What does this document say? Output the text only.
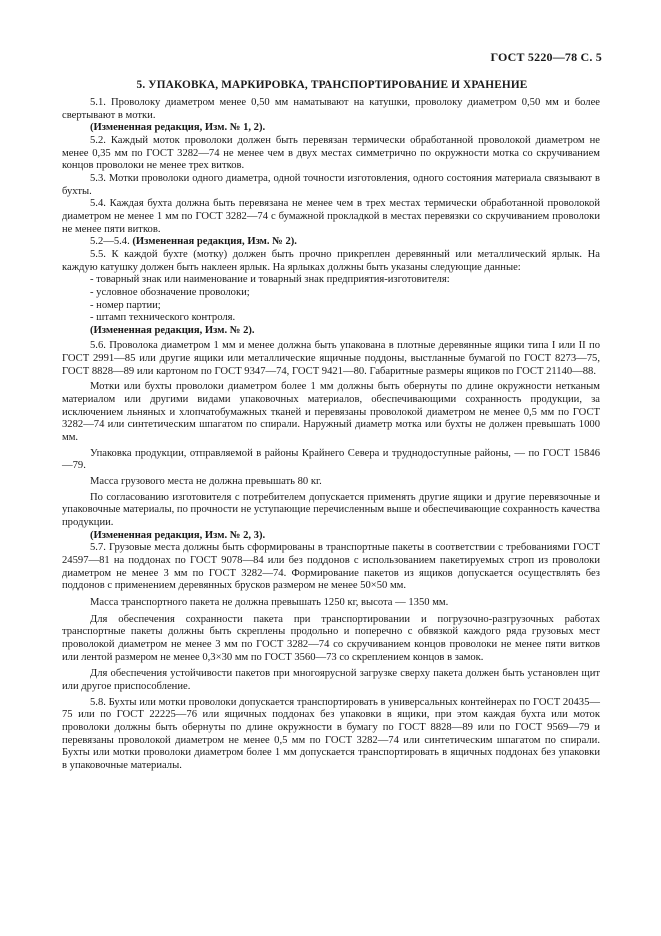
ГОСТ 5220—78 С. 5
5. УПАКОВКА, МАРКИРОВКА, ТРАНСПОРТИРОВАНИЕ И ХРАНЕНИЕ

5.1. Проволоку диаметром менее 0,50 мм наматывают на катушки, проволоку диаметром 0,50 мм и более свертывают в мотки.

(Измененная редакция, Изм. № 1, 2).

5.2. Каждый моток проволоки должен быть перевязан термически обработанной проволокой диаметром не менее 0,35 мм по ГОСТ 3282—74 не менее чем в двух местах симметрично по окружности мотка со скручиванием концов проволоки не менее трех витков.

5.3. Мотки проволоки одного диаметра, одной точности изготовления, одного состояния материала связывают в бухты.

5.4. Каждая бухта должна быть перевязана не менее чем в трех местах термически обработанной проволокой диаметром не менее 1 мм по ГОСТ 3282—74 с бумажной прокладкой в местах перевязки со скручиванием проволоки не менее пяти витков.

5.2—5.4. (Измененная редакция, Изм. № 2).

5.5. К каждой бухте (мотку) должен быть прочно прикреплен деревянный или металлический ярлык. На каждую катушку должен быть наклеен ярлык. На ярлыках должны быть указаны следующие данные:

- товарный знак или наименование и товарный знак предприятия-изготовителя:

- условное обозначение проволоки;

- номер партии;

- штамп технического контроля.

(Измененная редакция, Изм. № 2).

5.6. Проволока диаметром 1 мм и менее должна быть упакована в плотные деревянные ящики типа I или II по ГОСТ 2991—85 или другие ящики или металлические ящичные поддоны, выстланные бумагой по ГОСТ 8273—75, ГОСТ 8828—89 или картоном по ГОСТ 9347—74, ГОСТ 9421—80. Габаритные размеры ящиков по ГОСТ 21140—88.

Мотки или бухты проволоки диаметром более 1 мм должны быть обернуты по длине окружности нетканым материалом или другими видами упаковочных материалов, обеспечивающими сохранность продукции, за исключением льняных и хлопчатобумажных тканей и перевязаны проволокой диаметром не менее 0,5 мм по ГОСТ 3282—74 или синтетическим шпагатом по спирали. Наружный диаметр мотка или бухты не должен превышать 1000 мм.

Упаковка продукции, отправляемой в районы Крайнего Севера и труднодоступные районы, — по ГОСТ 15846—79.

Масса грузового места не должна превышать 80 кг.

По согласованию изготовителя с потребителем допускается применять другие ящики и другие перевязочные и упаковочные материалы, по прочности не уступающие перечисленным выше и обеспечивающие сохранность качества продукции.

(Измененная редакция, Изм. № 2, 3).

5.7. Грузовые места должны быть сформированы в транспортные пакеты в соответствии с требованиями ГОСТ 24597—81 на поддонах по ГОСТ 9078—84 или без поддонов с использованием пакетируемых строп из проволоки диаметром не менее 3 мм по ГОСТ 3282—74. Формирование пакетов из ящиков допускается осуществлять без поддонов с применением деревянных брусков размером не менее 50×50 мм.

Масса транспортного пакета не должна превышать 1250 кг, высота — 1350 мм.

Для обеспечения сохранности пакета при транспортировании и погрузочно-разгрузочных работах транспортные пакеты должны быть скреплены продольно и поперечно с обвязкой каждого ряда грузовых мест проволокой диаметром не менее 3 мм по ГОСТ 3282—74 со скручиванием концов проволоки не менее пяти витков или лентой размером не менее 0,3×30 мм по ГОСТ 3560—73 со скреплением концов в замок.

Для обеспечения устойчивости пакетов при многоярусной загрузке сверху пакета должен быть установлен щит или другое приспособление.

5.8. Бухты или мотки проволоки допускается транспортировать в универсальных контейнерах по ГОСТ 20435—75 или по ГОСТ 22225—76 или ящичных поддонах без упаковки в ящики, при этом каждая бухта или моток проволоки должны быть обернуты по длине окружности в бумагу по ГОСТ 8828—89 или по ГОСТ 9569—79 и перевязаны проволокой диаметром не менее 0,5 мм по ГОСТ 3282—74 или синтетическим шпагатом по спирали. Бухты или мотки проволоки диаметром более 1 мм допускается транспортировать в ящичных поддонах без упаковки в упаковочные материалы.
